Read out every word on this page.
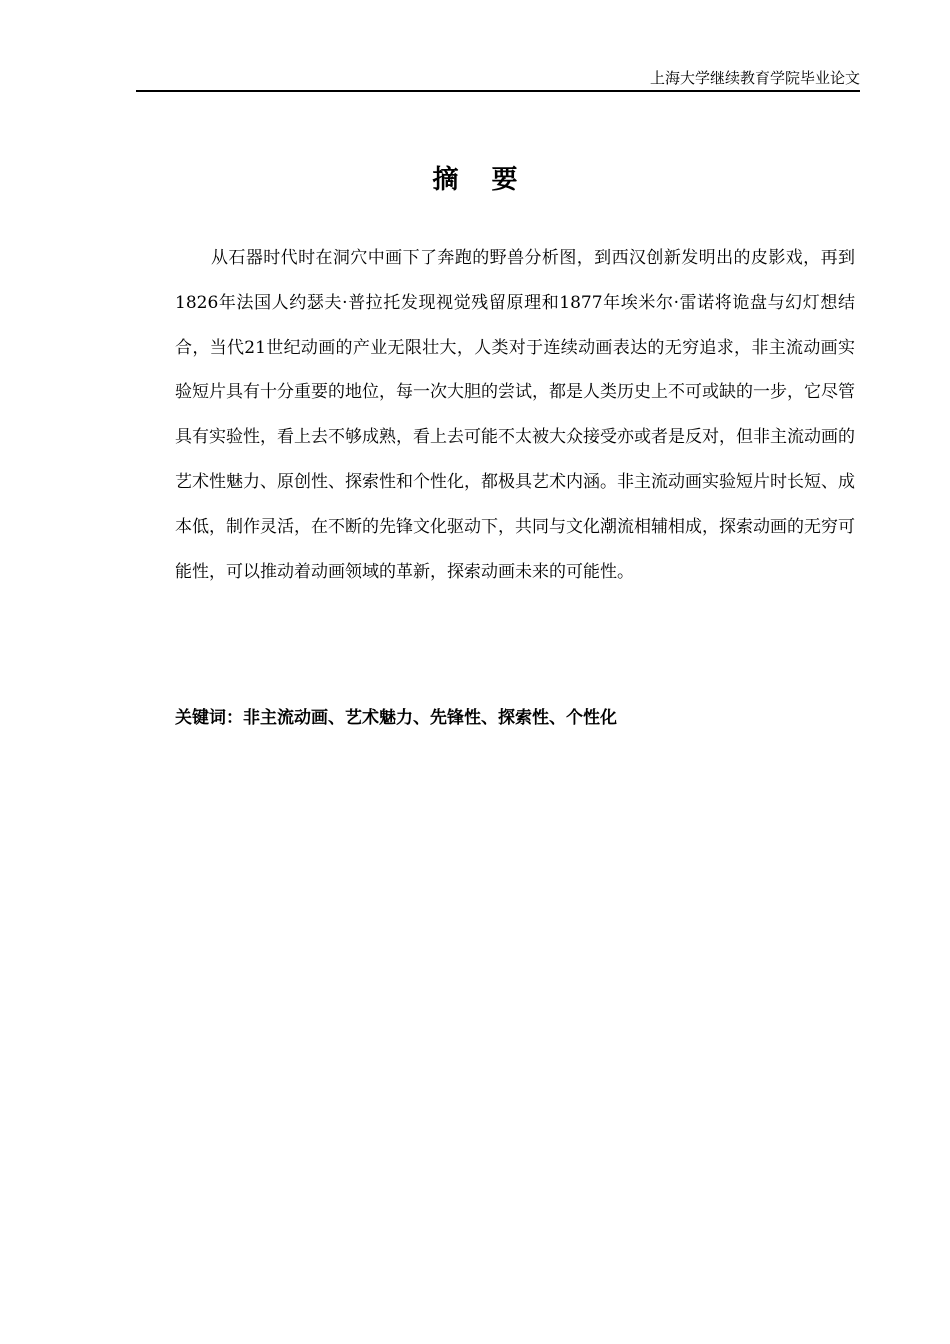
上海大学继续教育学院毕业论文
摘 要

从石器时代时在洞穴中画下了奔跑的野兽分析图，到西汉创新发明出的皮影戏，再到1826年法国人约瑟夫·普拉托发现视觉残留原理和1877年埃米尔·雷诺将诡盘与幻灯想结合，当代21世纪动画的产业无限壮大，人类对于连续动画表达的无穷追求，非主流动画实验短片具有十分重要的地位，每一次大胆的尝试，都是人类历史上不可或缺的一步，它尽管具有实验性，看上去不够成熟，看上去可能不太被大众接受亦或者是反对，但非主流动画的艺术性魅力、原创性、探索性和个性化，都极具艺术内涵。非主流动画实验短片时长短、成本低，制作灵活，在不断的先锋文化驱动下，共同与文化潮流相辅相成，探索动画的无穷可能性，可以推动着动画领域的革新，探索动画未来的可能性。

关键词：非主流动画、艺术魅力、先锋性、探索性、个性化
